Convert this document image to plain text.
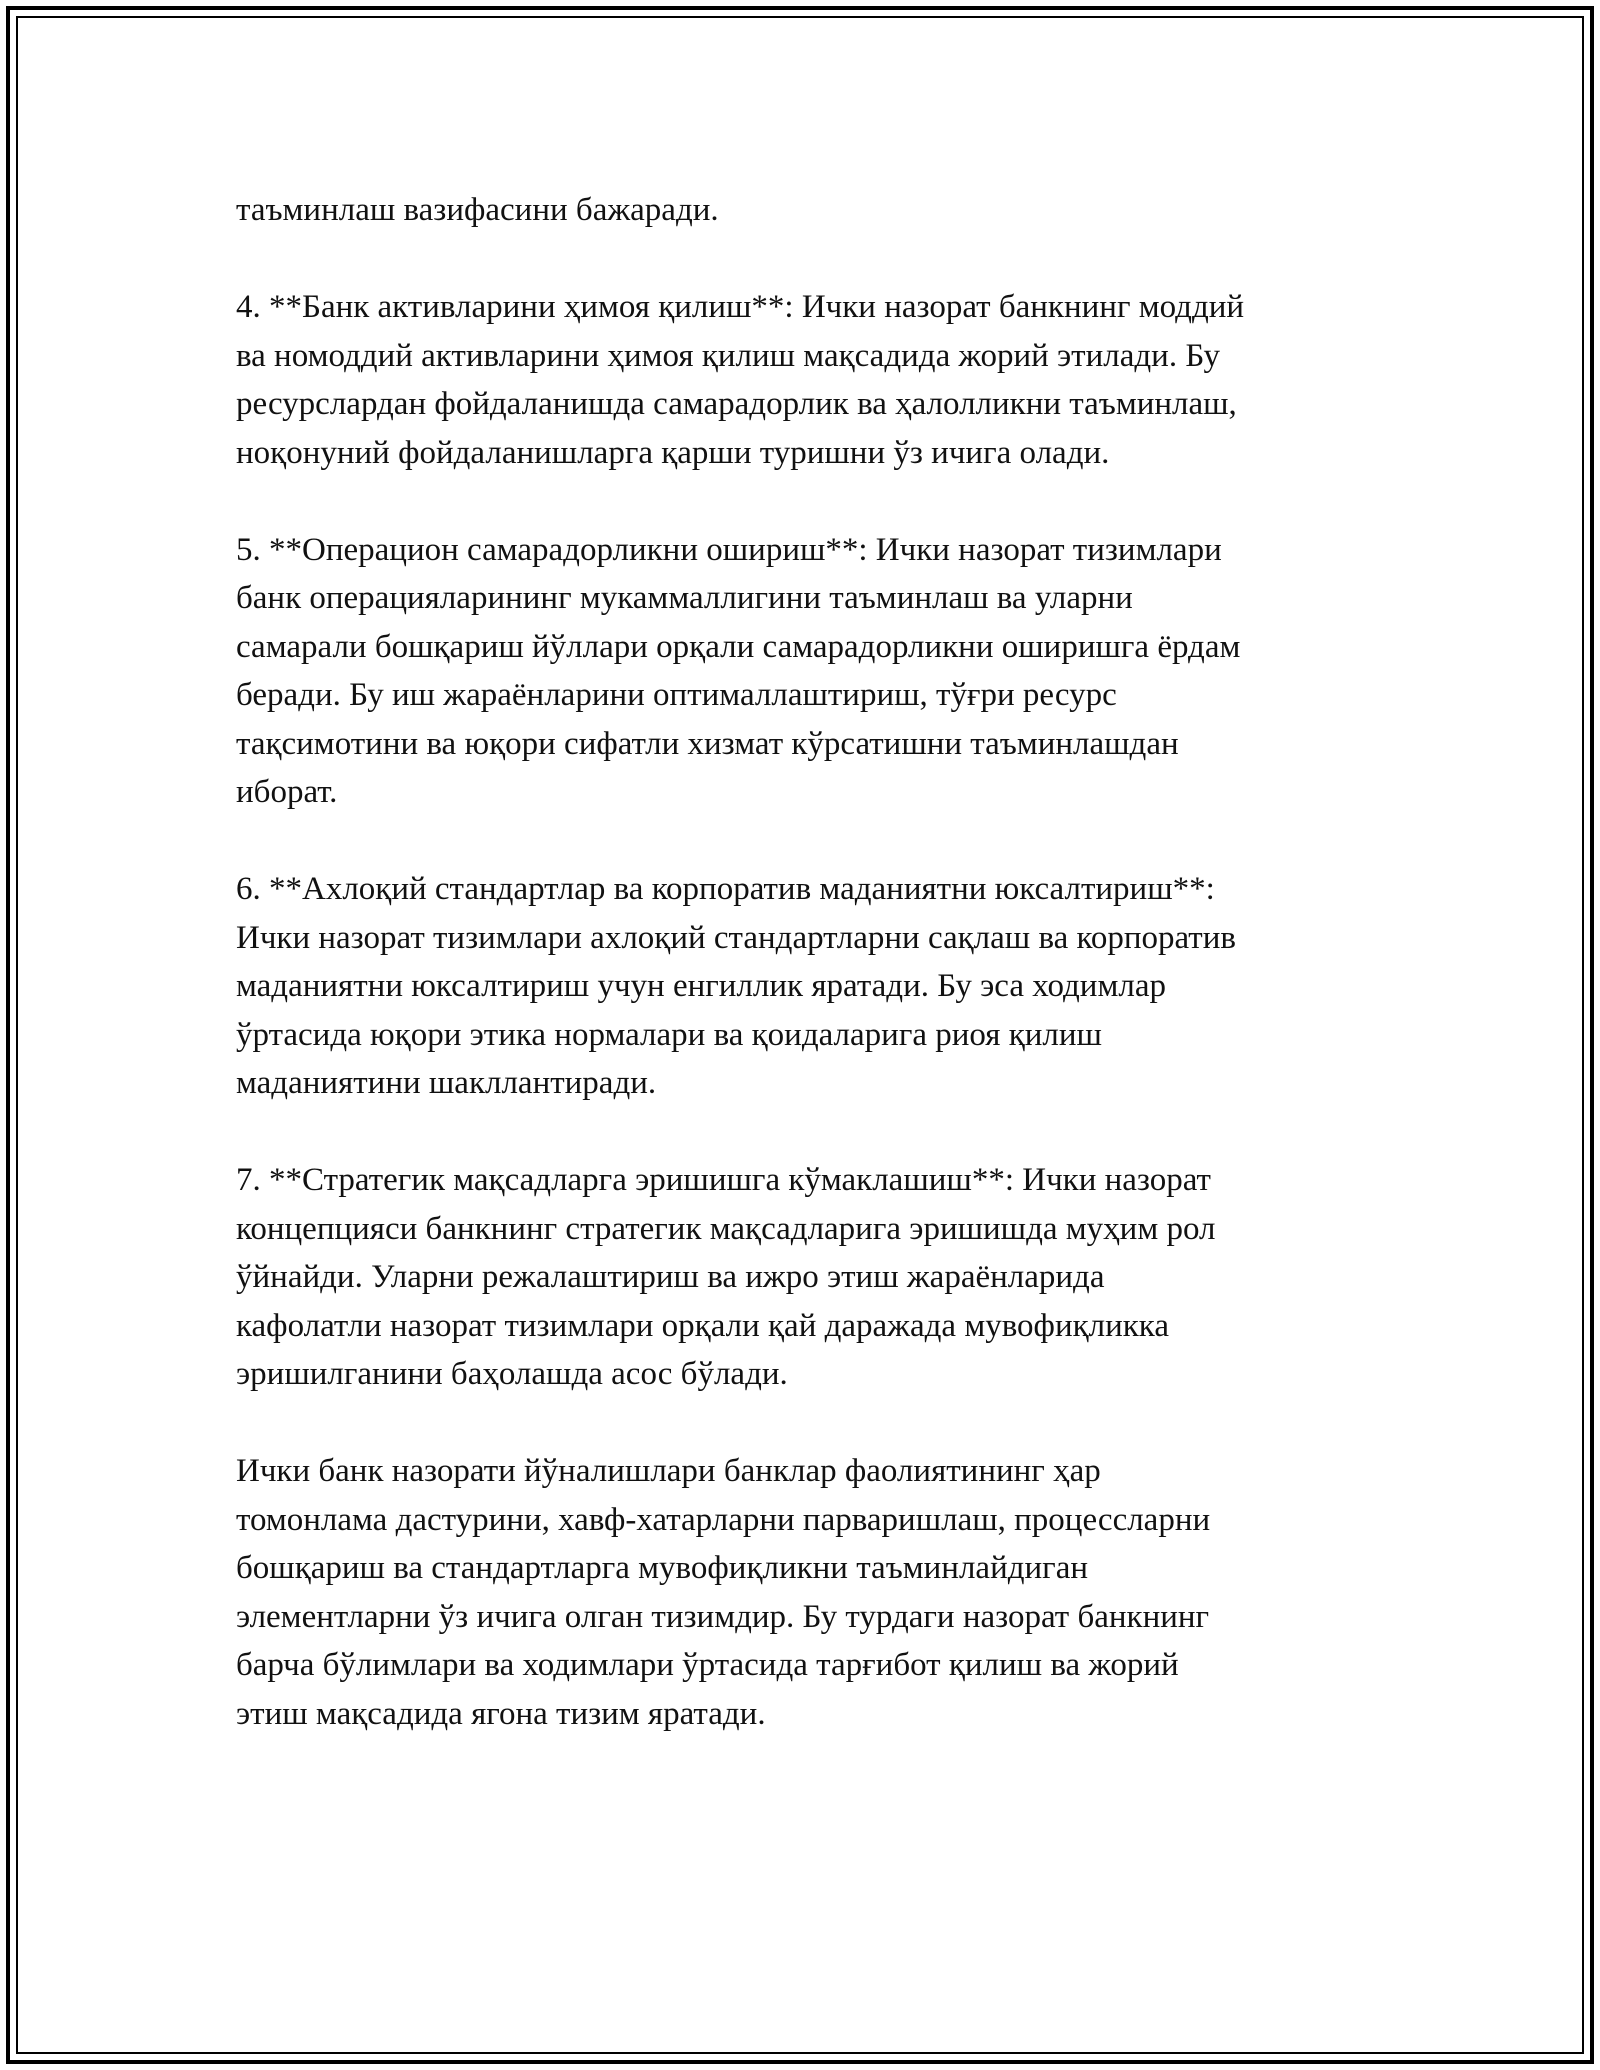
таъминлаш вазифасини бажаради.

4. **Банк активларини ҳимоя қилиш**: Ички назорат банкнинг моддий
ва номоддий активларини ҳимоя қилиш мақсадида жорий этилади. Бу
ресурслардан фойдаланишда самарадорлик ва ҳалолликни таъминлаш,
ноқонуний фойдаланишларга қарши туришни ўз ичига олади.

5. **Операцион самарадорликни ошириш**: Ички назорат тизимлари
банк операцияларининг мукаммаллигини таъминлаш ва уларни
самарали бошқариш йўллари орқали самарадорликни оширишга ёрдам
беради. Бу иш жараёнларини оптималлаштириш, тўғри ресурс
тақсимотини ва юқори сифатли хизмат кўрсатишни таъминлашдан
иборат.

6. **Ахлоқий стандартлар ва корпоратив маданиятни юксалтириш**:
Ички назорат тизимлари ахлоқий стандартларни сақлаш ва корпоратив
маданиятни юксалтириш учун енгиллик яратади. Бу эса ходимлар
ўртасида юқори этика нормалари ва қоидаларига риоя қилиш
маданиятини шакллантиради.

7. **Стратегик мақсадларга эришишга кўмаклашиш**: Ички назорат
концепцияси банкнинг стратегик мақсадларига эришишда муҳим рол
ўйнайди. Уларни режалаштириш ва ижро этиш жараёнларида
кафолатли назорат тизимлари орқали қай даражада мувофиқликка
эришилганини баҳолашда асос бўлади.

Ички банк назорати йўналишлари банклар фаолиятининг ҳар
томонлама дастурини, хавф-хатарларни парваришлаш, процессларни
бошқариш ва стандартларга мувофиқликни таъминлайдиган
элементларни ўз ичига олган тизимдир. Бу турдаги назорат банкнинг
барча бўлимлари ва ходимлари ўртасида тарғибот қилиш ва жорий
этиш мақсадида ягона тизим яратади.
